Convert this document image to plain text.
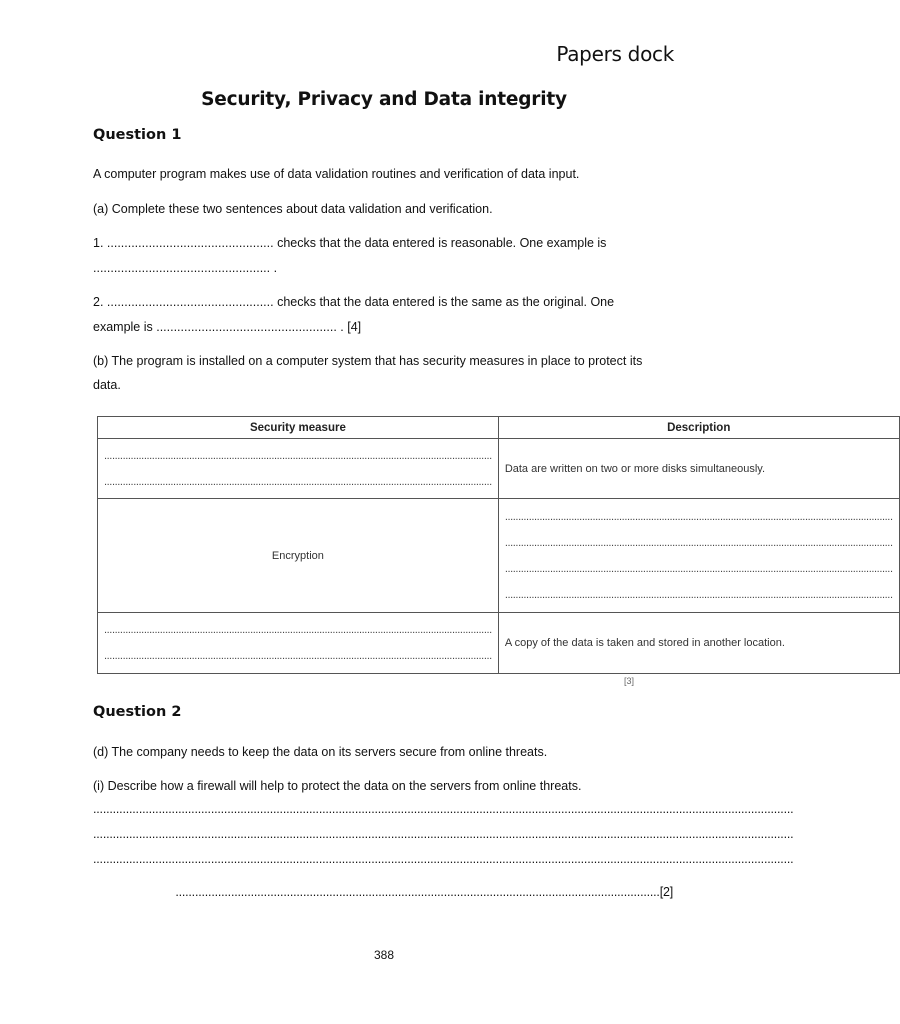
Papers dock
Security, Privacy and Data integrity
Question 1
A computer program makes use of data validation routines and verification of data input.
(a) Complete these two sentences about data validation and verification.
1. ................................................ checks that the data entered is reasonable. One example is
................................................... .
2. ................................................ checks that the data entered is the same as the original. One
example is .................................................... . [4]
(b) The program is installed on a computer system that has security measures in place to protect its
data.
Security measure	Description

..................................................................................................................................................
..................................................................................................................................................	Data are written on two or more disks simultaneously.
Encryption	..................................................................................................................................................
..................................................................................................................................................
..................................................................................................................................................
..................................................................................................................................................

..................................................................................................................................................
..................................................................................................................................................	A copy of the data is taken and stored in another location.
[3]
Question 2
(d) The company needs to keep the data on its servers secure from online threats.
(i) Describe how a firewall will help to protect the data on the servers from online threats.
......................................................................................................................................................................................................................
......................................................................................................................................................................................................................
......................................................................................................................................................................................................................
....................................................................................................................................................[2]
388
